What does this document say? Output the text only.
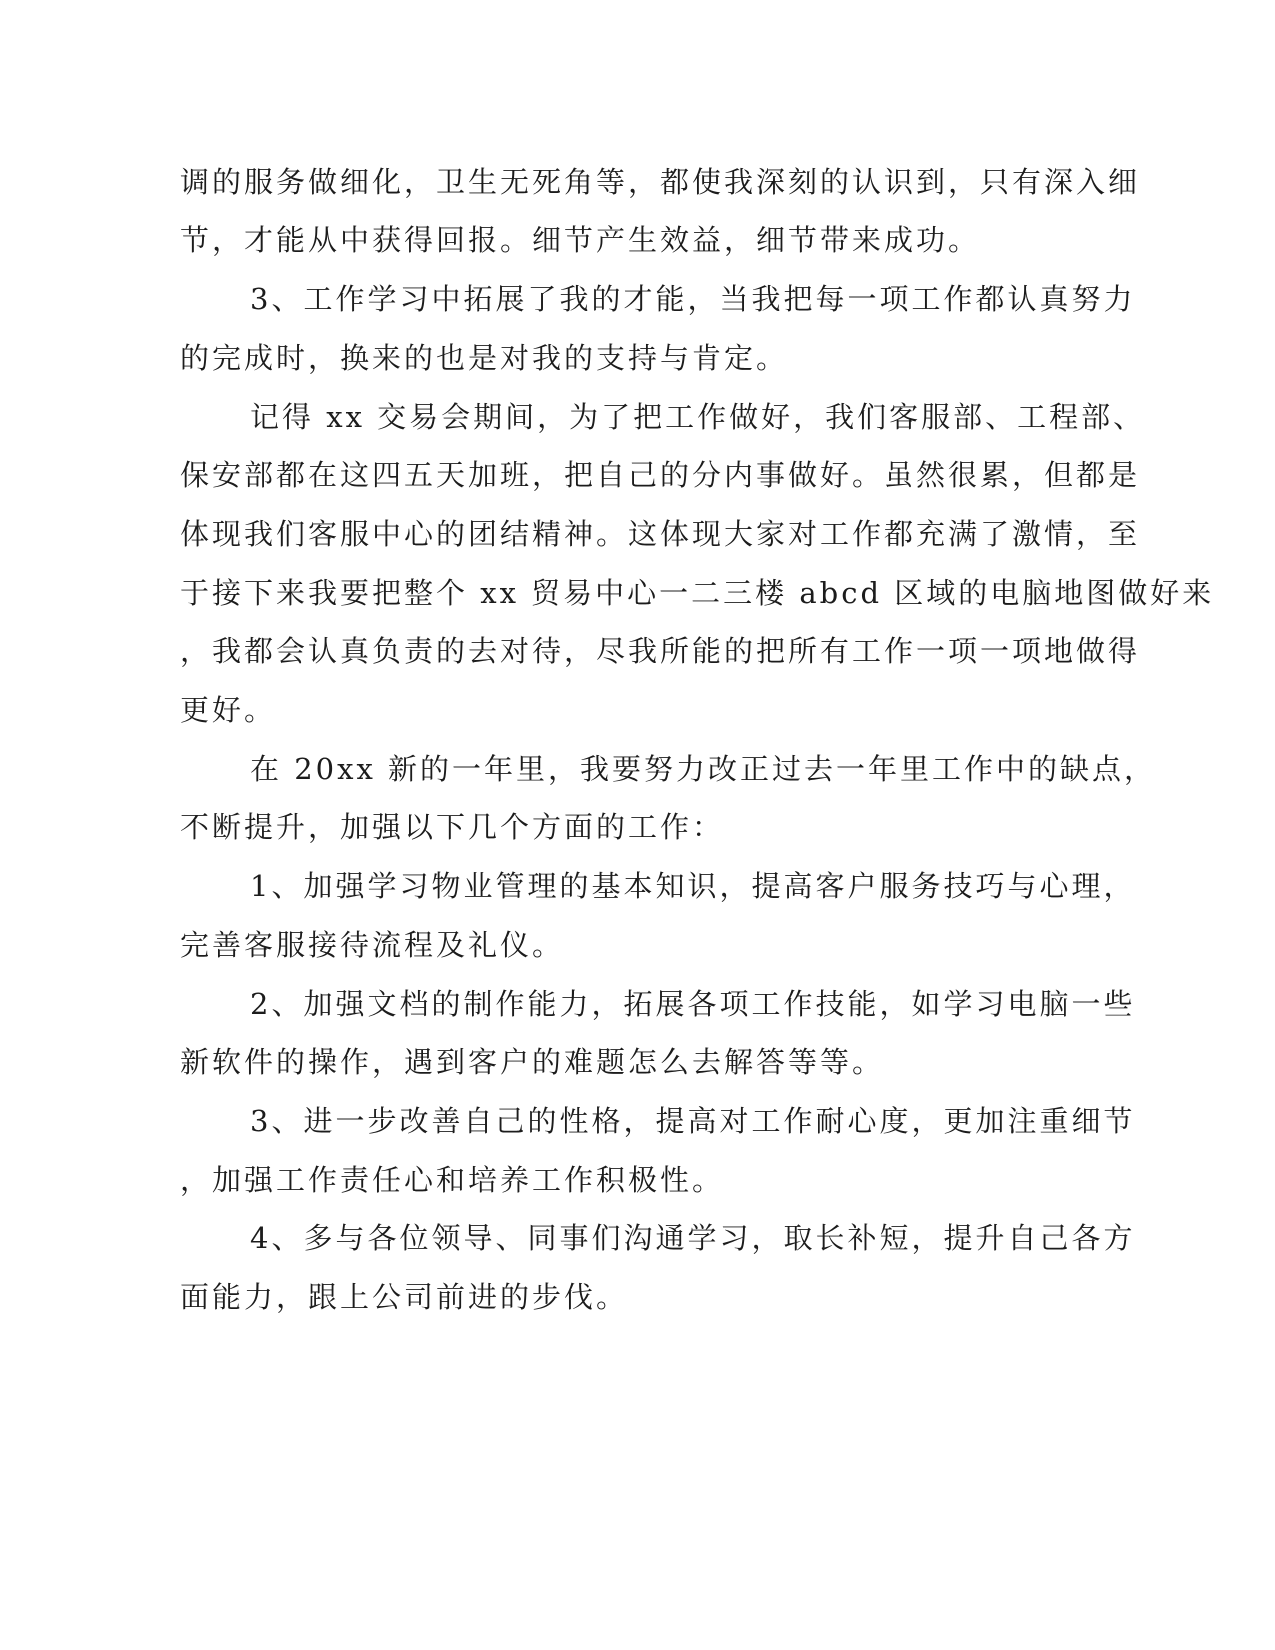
调的服务做细化，卫生无死角等，都使我深刻的认识到，只有深入细
节，才能从中获得回报。细节产生效益，细节带来成功。
3、工作学习中拓展了我的才能，当我把每一项工作都认真努力
的完成时，换来的也是对我的支持与肯定。
记得 xx 交易会期间，为了把工作做好，我们客服部、工程部、
保安部都在这四五天加班，把自己的分内事做好。虽然很累，但都是
体现我们客服中心的团结精神。这体现大家对工作都充满了激情，至
于接下来我要把整个 xx 贸易中心一二三楼 abcd 区域的电脑地图做好来
，我都会认真负责的去对待，尽我所能的把所有工作一项一项地做得
更好。
在 20xx 新的一年里，我要努力改正过去一年里工作中的缺点，
不断提升，加强以下几个方面的工作：
1、加强学习物业管理的基本知识，提高客户服务技巧与心理，
完善客服接待流程及礼仪。
2、加强文档的制作能力，拓展各项工作技能，如学习电脑一些
新软件的操作，遇到客户的难题怎么去解答等等。
3、进一步改善自己的性格，提高对工作耐心度，更加注重细节
，加强工作责任心和培养工作积极性。
4、多与各位领导、同事们沟通学习，取长补短，提升自己各方
面能力，跟上公司前进的步伐。
